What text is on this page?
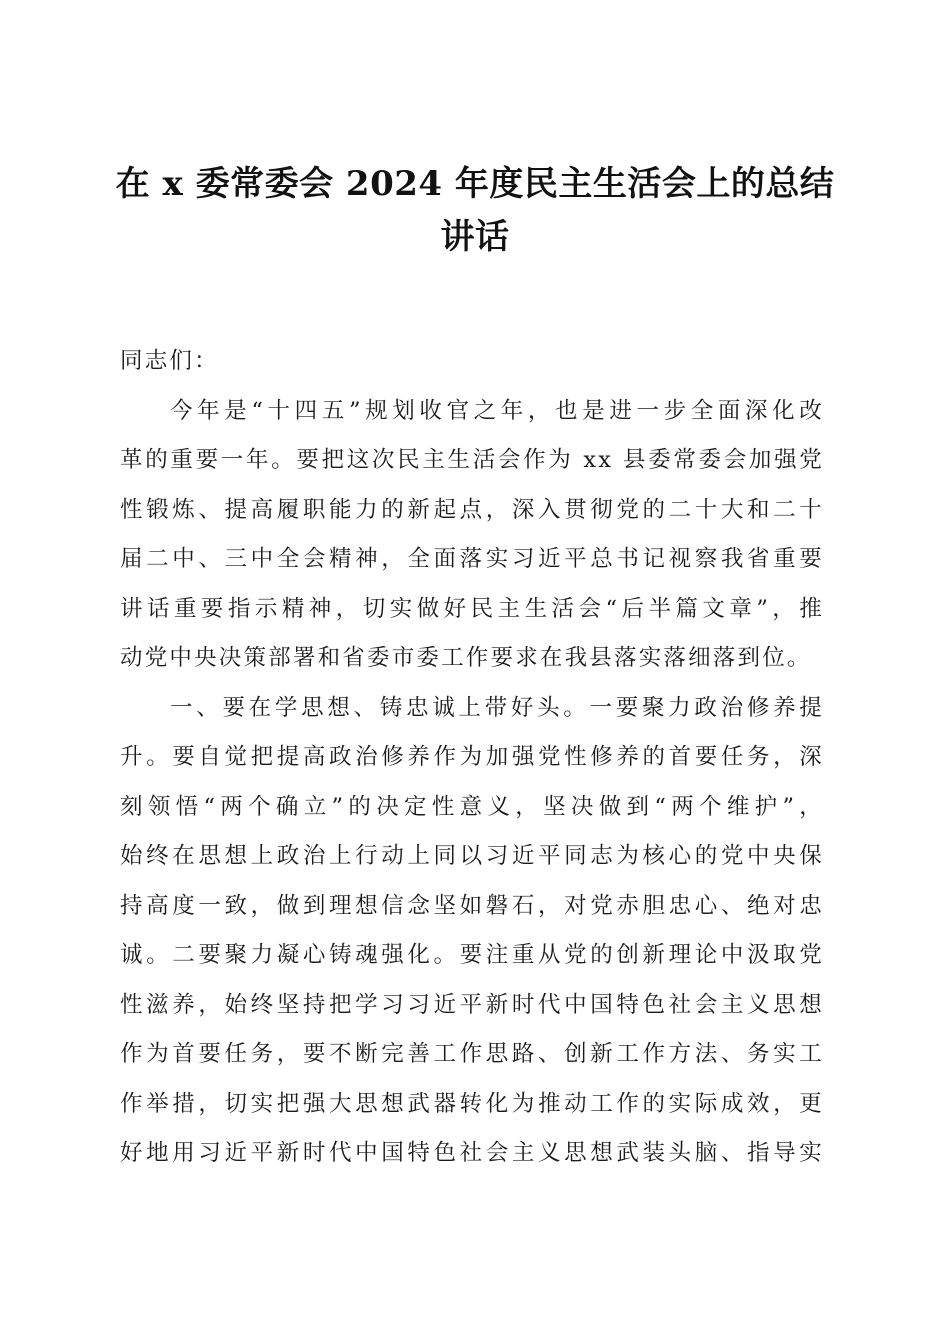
在 x 委常委会 2024 年度民主生活会上的总结
讲话
同志们：
今年是“十四五”规划收官之年，也是进一步全面深化改
革的重要一年。要把这次民主生活会作为 xx 县委常委会加强党
性锻炼、提高履职能力的新起点，深入贯彻党的二十大和二十
届二中、三中全会精神，全面落实习近平总书记视察我省重要
讲话重要指示精神，切实做好民主生活会“后半篇文章”，推
动党中央决策部署和省委市委工作要求在我县落实落细落到位。
一、要在学思想、铸忠诚上带好头。一要聚力政治修养提
升。要自觉把提高政治修养作为加强党性修养的首要任务，深
刻领悟“两个确立”的决定性意义，坚决做到“两个维护”，
始终在思想上政治上行动上同以习近平同志为核心的党中央保
持高度一致，做到理想信念坚如磐石，对党赤胆忠心、绝对忠
诚。二要聚力凝心铸魂强化。要注重从党的创新理论中汲取党
性滋养，始终坚持把学习习近平新时代中国特色社会主义思想
作为首要任务，要不断完善工作思路、创新工作方法、务实工
作举措，切实把强大思想武器转化为推动工作的实际成效，更
好地用习近平新时代中国特色社会主义思想武装头脑、指导实
